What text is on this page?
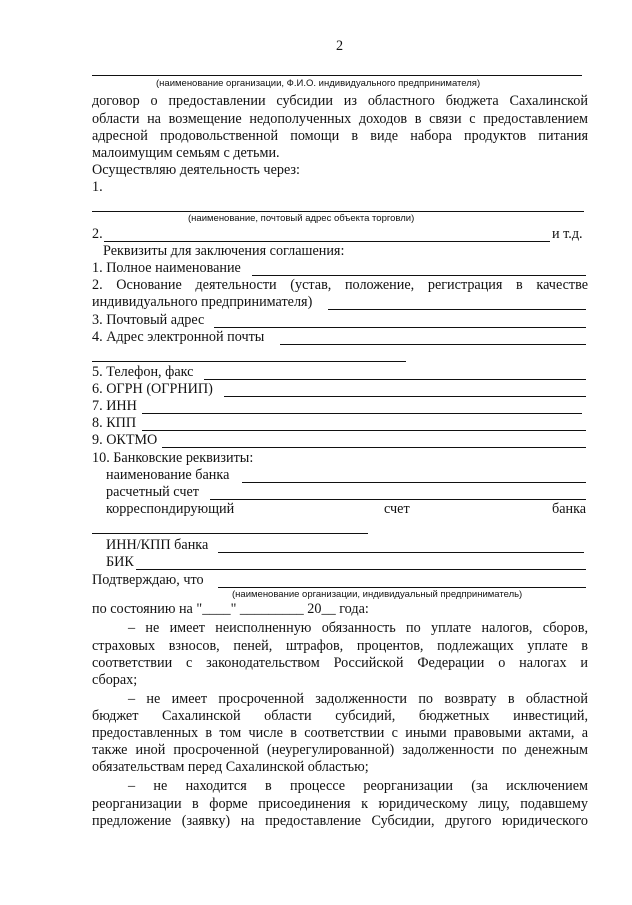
2
(наименование организации, Ф.И.О. индивидуального предпринимателя)
договор о предоставлении субсидии из областного бюджета Сахалинской
области на возмещение недополученных доходов в связи с предоставлением
адресной продовольственной помощи в виде набора продуктов питания
малоимущим семьям с детьми.
Осуществляю деятельность через:
1.
(наименование, почтовый адрес объекта торговли)
2.	и т.д.
Реквизиты для заключения соглашения:
1. Полное наименование
2. Основание деятельности (устав, положение, регистрация в качестве
индивидуального предпринимателя)
3. Почтовый адрес
4. Адрес электронной почты
5. Телефон, факс
6. ОГРН (ОГРНИП)
7. ИНН
8. КПП
9. ОКТМО
10. Банковские реквизиты:
наименование банка
расчетный счет
корреспондирующий	счет	банка
ИНН/КПП банка
БИК
Подтверждаю, что
(наименование организации, индивидуальный предприниматель)
по состоянию на "____" _________ 20__ года:
– не имеет неисполненную обязанность по уплате налогов, сборов,
страховых взносов, пеней, штрафов, процентов, подлежащих уплате в
соответствии с законодательством Российской Федерации о налогах и
сборах;
– не имеет просроченной задолженности по возврату в областной
бюджет Сахалинской области субсидий, бюджетных инвестиций,
предоставленных в том числе в соответствии с иными правовыми актами, а
также иной просроченной (неурегулированной) задолженности по денежным
обязательствам перед Сахалинской областью;
– не находится в процессе реорганизации (за исключением
реорганизации в форме присоединения к юридическому лицу, подавшему
предложение (заявку) на предоставление Субсидии, другого юридического
